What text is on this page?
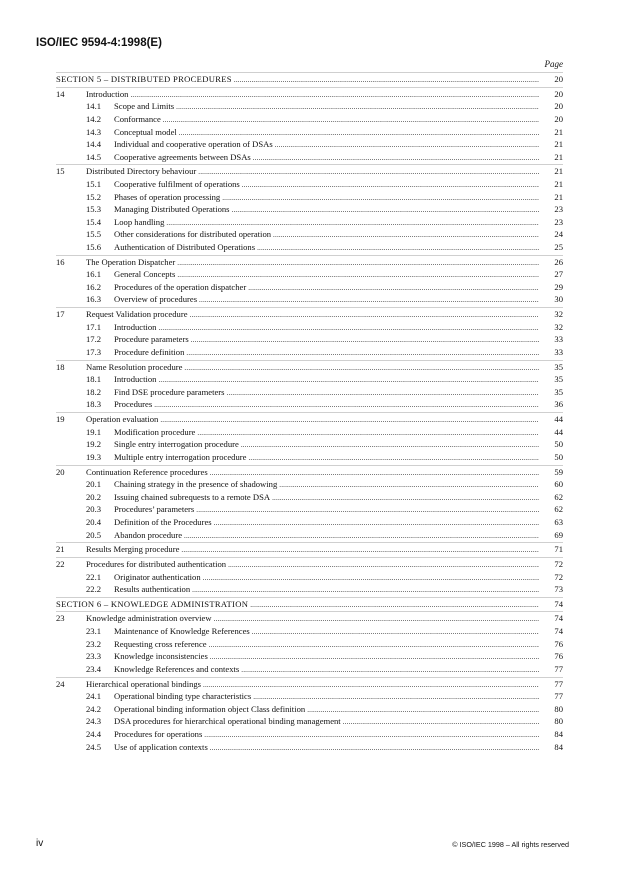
ISO/IEC 9594-4:1998(E)
Page
SECTION 5 – DISTRIBUTED PROCEDURES .....	20
14	Introduction .....	20
14.1	Scope and Limits .....	20
14.2	Conformance .....	20
14.3	Conceptual model .....	21
14.4	Individual and cooperative operation of DSAs .....	21
14.5	Cooperative agreements between DSAs .....	21
15	Distributed Directory behaviour .....	21
15.1	Cooperative fulfilment of operations .....	21
15.2	Phases of operation processing .....	21
15.3	Managing Distributed Operations .....	23
15.4	Loop handling .....	23
15.5	Other considerations for distributed operation .....	24
15.6	Authentication of Distributed Operations .....	25
16	The Operation Dispatcher .....	26
16.1	General Concepts .....	27
16.2	Procedures of the operation dispatcher .....	29
16.3	Overview of procedures .....	30
17	Request Validation procedure .....	32
17.1	Introduction .....	32
17.2	Procedure parameters .....	33
17.3	Procedure definition .....	33
18	Name Resolution procedure .....	35
18.1	Introduction .....	35
18.2	Find DSE procedure parameters .....	35
18.3	Procedures .....	36
19	Operation evaluation .....	44
19.1	Modification procedure .....	44
19.2	Single entry interrogation procedure .....	50
19.3	Multiple entry interrogation procedure .....	50
20	Continuation Reference procedures .....	59
20.1	Chaining strategy in the presence of shadowing .....	60
20.2	Issuing chained subrequests to a remote DSA .....	62
20.3	Procedures’ parameters .....	62
20.4	Definition of the Procedures .....	63
20.5	Abandon procedure .....	69
21	Results Merging procedure .....	71
22	Procedures for distributed authentication .....	72
22.1	Originator authentication .....	72
22.2	Results authentication .....	73
SECTION 6 – KNOWLEDGE ADMINISTRATION .....	74
23	Knowledge administration overview .....	74
23.1	Maintenance of Knowledge References .....	74
23.2	Requesting cross reference .....	76
23.3	Knowledge inconsistencies .....	76
23.4	Knowledge References and contexts .....	77
24	Hierarchical operational bindings .....	77
24.1	Operational binding type characteristics .....	77
24.2	Operational binding information object Class definition .....	80
24.3	DSA procedures for hierarchical operational binding management .....	80
24.4	Procedures for operations .....	84
24.5	Use of application contexts .....	84
iv	© ISO/IEC 1998 – All rights reserved
